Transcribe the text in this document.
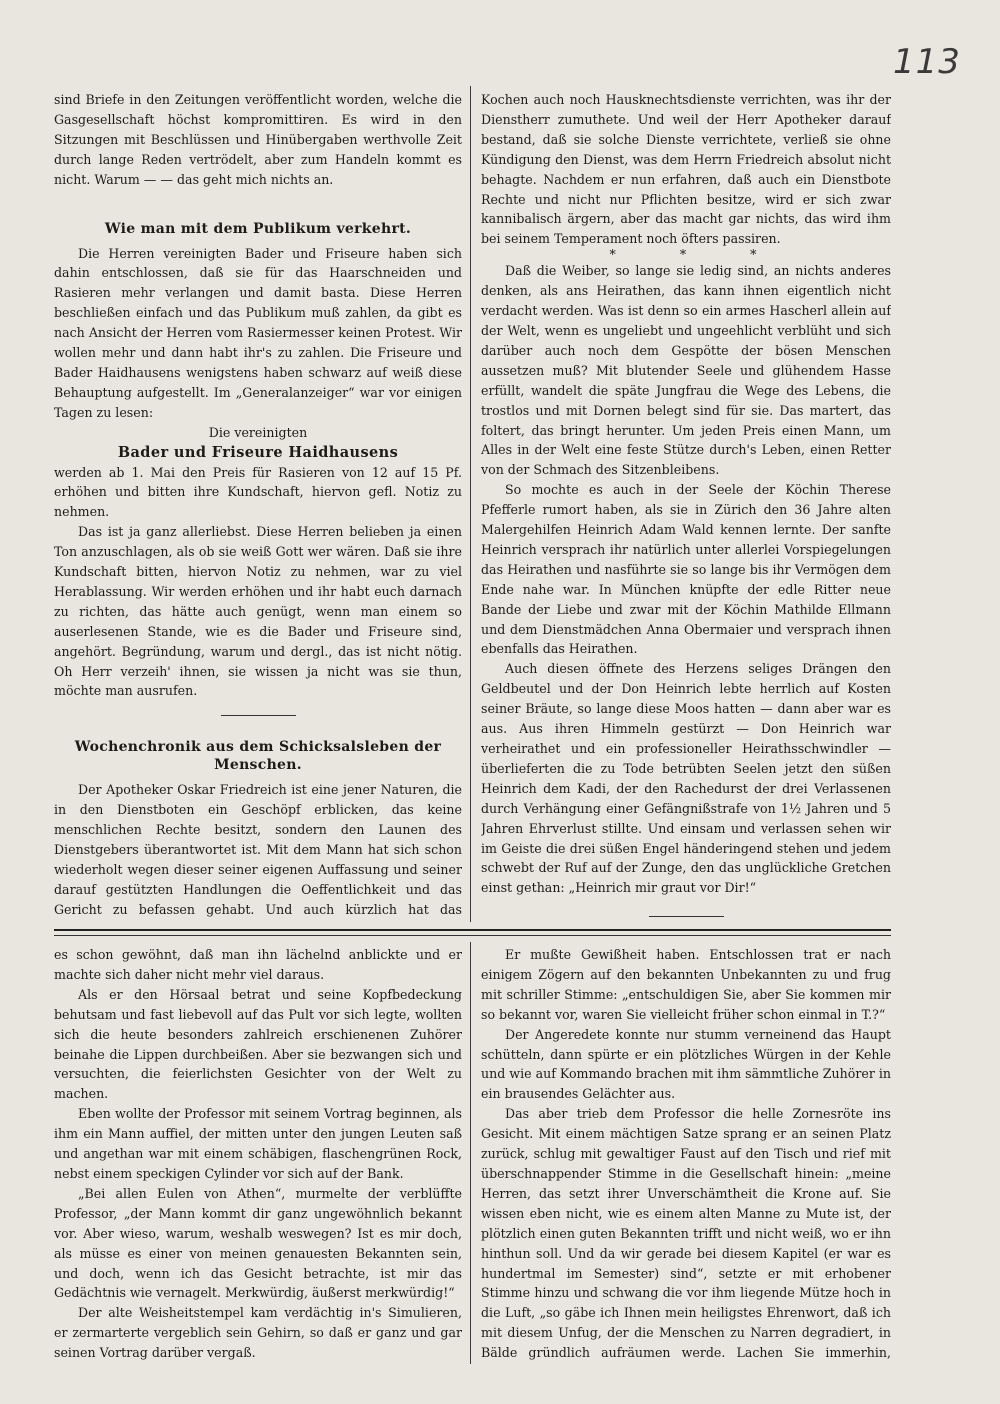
113

sind Briefe in den Zeitungen veröffentlicht worden, welche die Gasgesellschaft höchst kompromittiren. Es wird in den Sitzungen mit Beschlüssen und Hinübergaben werthvolle Zeit durch lange Reden vertrödelt, aber zum Handeln kommt es nicht. Warum — — das geht mich nichts an.

Wie man mit dem Publikum verkehrt.

Die Herren vereinigten Bader und Friseure haben sich dahin entschlossen, daß sie für das Haarschneiden und Rasieren mehr verlangen und damit basta. Diese Herren beschließen einfach und das Publikum muß zahlen, da gibt es nach Ansicht der Herren vom Rasiermesser keinen Protest. Wir wollen mehr und dann habt ihr's zu zahlen. Die Friseure und Bader Haidhausens wenigstens haben schwarz auf weiß diese Behauptung aufgestellt. Im „Generalanzeiger“ war vor einigen Tagen zu lesen:

Die vereinigten

Bader und Friseure Haidhausens

werden ab 1. Mai den Preis für Rasieren von 12 auf 15 Pf. erhöhen und bitten ihre Kundschaft, hiervon gefl. Notiz zu nehmen.

Das ist ja ganz allerliebst. Diese Herren belieben ja einen Ton anzuschlagen, als ob sie weiß Gott wer wären. Daß sie ihre Kundschaft bitten, hiervon Notiz zu nehmen, war zu viel Herablassung. Wir werden erhöhen und ihr habt euch darnach zu richten, das hätte auch genügt, wenn man einem so auserlesenen Stande, wie es die Bader und Friseure sind, angehört. Begründung, warum und dergl., das ist nicht nötig. Oh Herr verzeih' ihnen, sie wissen ja nicht was sie thun, möchte man ausrufen.

Wochenchronik aus dem Schicksalsleben der Menschen.

Der Apotheker Oskar Friedreich ist eine jener Naturen, die in den Dienstboten ein Geschöpf erblicken, das keine menschlichen Rechte besitzt, sondern den Launen des Dienstgebers überantwortet ist. Mit dem Mann hat sich schon wiederholt wegen dieser seiner eigenen Auffassung und seiner darauf gestützten Handlungen die Oeffentlichkeit und das Gericht zu befassen gehabt. Und auch kürzlich hat das

Kochen auch noch Hausknechtsdienste verrichten, was ihr der Dienstherr zumuthete. Und weil der Herr Apotheker darauf bestand, daß sie solche Dienste verrichtete, verließ sie ohne Kündigung den Dienst, was dem Herrn Friedreich absolut nicht behagte. Nachdem er nun erfahren, daß auch ein Dienstbote Rechte und nicht nur Pflichten besitze, wird er sich zwar kannibalisch ärgern, aber das macht gar nichts, das wird ihm bei seinem Temperament noch öfters passiren.

* * *

Daß die Weiber, so lange sie ledig sind, an nichts anderes denken, als ans Heirathen, das kann ihnen eigentlich nicht verdacht werden. Was ist denn so ein armes Hascherl allein auf der Welt, wenn es ungeliebt und ungeehlicht verblüht und sich darüber auch noch dem Gespötte der bösen Menschen aussetzen muß? Mit blutender Seele und glühendem Hasse erfüllt, wandelt die späte Jungfrau die Wege des Lebens, die trostlos und mit Dornen belegt sind für sie. Das martert, das foltert, das bringt herunter. Um jeden Preis einen Mann, um Alles in der Welt eine feste Stütze durch's Leben, einen Retter von der Schmach des Sitzenbleibens.

So mochte es auch in der Seele der Köchin Therese Pfefferle rumort haben, als sie in Zürich den 36 Jahre alten Malergehilfen Heinrich Adam Wald kennen lernte. Der sanfte Heinrich versprach ihr natürlich unter allerlei Vorspiegelungen das Heirathen und nasführte sie so lange bis ihr Vermögen dem Ende nahe war. In München knüpfte der edle Ritter neue Bande der Liebe und zwar mit der Köchin Mathilde Ellmann und dem Dienstmädchen Anna Obermaier und versprach ihnen ebenfalls das Heirathen.

Auch diesen öffnete des Herzens seliges Drängen den Geldbeutel und der Don Heinrich lebte herrlich auf Kosten seiner Bräute, so lange diese Moos hatten — dann aber war es aus. Aus ihren Himmeln gestürzt — Don Heinrich war verheirathet und ein professioneller Heirathsschwindler — überlieferten die zu Tode betrübten Seelen jetzt den süßen Heinrich dem Kadi, der den Rachedurst der drei Verlassenen durch Verhängung einer Gefängnißstrafe von 1½ Jahren und 5 Jahren Ehrverlust stillte. Und einsam und verlassen sehen wir im Geiste die drei süßen Engel händeringend stehen und jedem schwebt der Ruf auf der Zunge, den das unglückliche Gretchen einst gethan: „Heinrich mir graut vor Dir!“

es schon gewöhnt, daß man ihn lächelnd anblickte und er machte sich daher nicht mehr viel daraus.

Als er den Hörsaal betrat und seine Kopfbedeckung behutsam und fast liebevoll auf das Pult vor sich legte, wollten sich die heute besonders zahlreich erschienenen Zuhörer beinahe die Lippen durchbeißen. Aber sie bezwangen sich und versuchten, die feierlichsten Gesichter von der Welt zu machen.

Eben wollte der Professor mit seinem Vortrag beginnen, als ihm ein Mann auffiel, der mitten unter den jungen Leuten saß und angethan war mit einem schäbigen, flaschengrünen Rock, nebst einem speckigen Cylinder vor sich auf der Bank.

„Bei allen Eulen von Athen“, murmelte der verblüffte Professor, „der Mann kommt dir ganz ungewöhnlich bekannt vor. Aber wieso, warum, weshalb weswegen? Ist es mir doch, als müsse es einer von meinen genauesten Bekannten sein, und doch, wenn ich das Gesicht betrachte, ist mir das Gedächtnis wie vernagelt. Merkwürdig, äußerst merkwürdig!“

Der alte Weisheitstempel kam verdächtig in's Simulieren, er zermarterte vergeblich sein Gehirn, so daß er ganz und gar seinen Vortrag darüber vergaß.

Er mußte Gewißheit haben. Entschlossen trat er nach einigem Zögern auf den bekannten Unbekannten zu und frug mit schriller Stimme: „entschuldigen Sie, aber Sie kommen mir so bekannt vor, waren Sie vielleicht früher schon einmal in T.?“

Der Angeredete konnte nur stumm verneinend das Haupt schütteln, dann spürte er ein plötzliches Würgen in der Kehle und wie auf Kommando brachen mit ihm sämmtliche Zuhörer in ein brausendes Gelächter aus.

Das aber trieb dem Professor die helle Zornesröte ins Gesicht. Mit einem mächtigen Satze sprang er an seinen Platz zurück, schlug mit gewaltiger Faust auf den Tisch und rief mit überschnappender Stimme in die Gesellschaft hinein: „meine Herren, das setzt ihrer Unverschämtheit die Krone auf. Sie wissen eben nicht, wie es einem alten Manne zu Mute ist, der plötzlich einen guten Bekannten trifft und nicht weiß, wo er ihn hinthun soll. Und da wir gerade bei diesem Kapitel (er war es hundertmal im Semester) sind“, setzte er mit erhobener Stimme hinzu und schwang die vor ihm liegende Mütze hoch in die Luft, „so gäbe ich Ihnen mein heiligstes Ehrenwort, daß ich mit diesem Unfug, der die Menschen zu Narren degradiert, in Bälde gründlich aufräumen werde. Lachen Sie immerhin,
